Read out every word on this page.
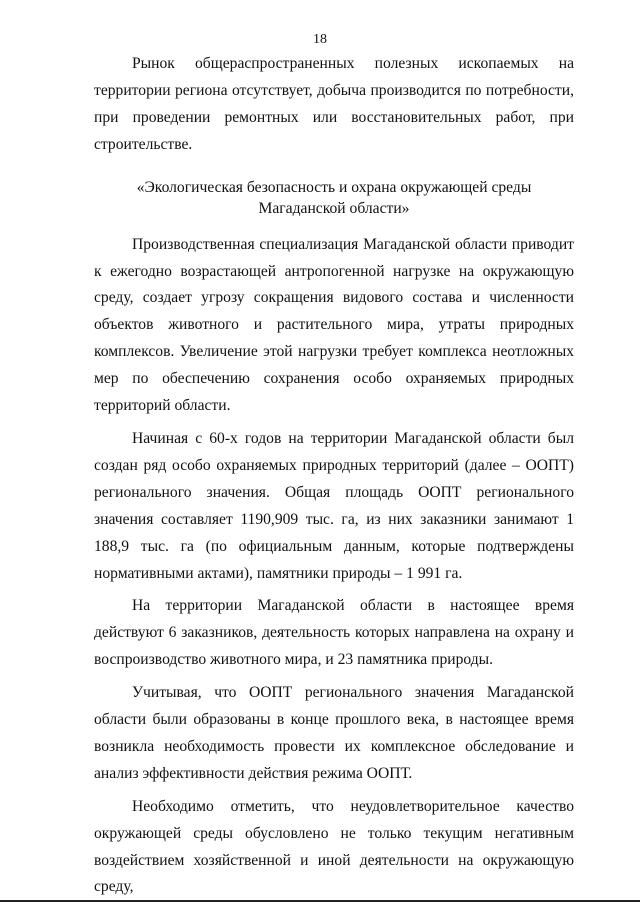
18

Рынок общераспространенных полезных ископаемых на территории региона отсутствует, добыча производится по потребности, при проведении ремонтных или восстановительных работ, при строительстве.

«Экологическая безопасность и охрана окружающей среды
Магаданской области»

Производственная специализация Магаданской области приводит к ежегодно возрастающей антропогенной нагрузке на окружающую среду, создает угрозу сокращения видового состава и численности объектов животного и растительного мира, утраты природных комплексов. Увеличение этой нагрузки требует комплекса неотложных мер по обеспечению сохранения особо охраняемых природных территорий области.

Начиная с 60-х годов на территории Магаданской области был создан ряд особо охраняемых природных территорий (далее – ООПТ) регионального значения. Общая площадь ООПТ регионального значения составляет 1190,909 тыс. га, из них заказники занимают 1 188,9 тыс. га (по официальным данным, которые подтверждены нормативными актами), памятники природы – 1 991 га.

На территории Магаданской области в настоящее время действуют 6 заказников, деятельность которых направлена на охрану и воспроизводство животного мира, и 23 памятника природы.

Учитывая, что ООПТ регионального значения Магаданской области были образованы в конце прошлого века, в настоящее время возникла необходимость провести их комплексное обследование и анализ эффективности действия режима ООПТ.

Необходимо отметить, что неудовлетворительное качество окружающей среды обусловлено не только текущим негативным воздействием хозяйственной и иной деятельности на окружающую среду,
